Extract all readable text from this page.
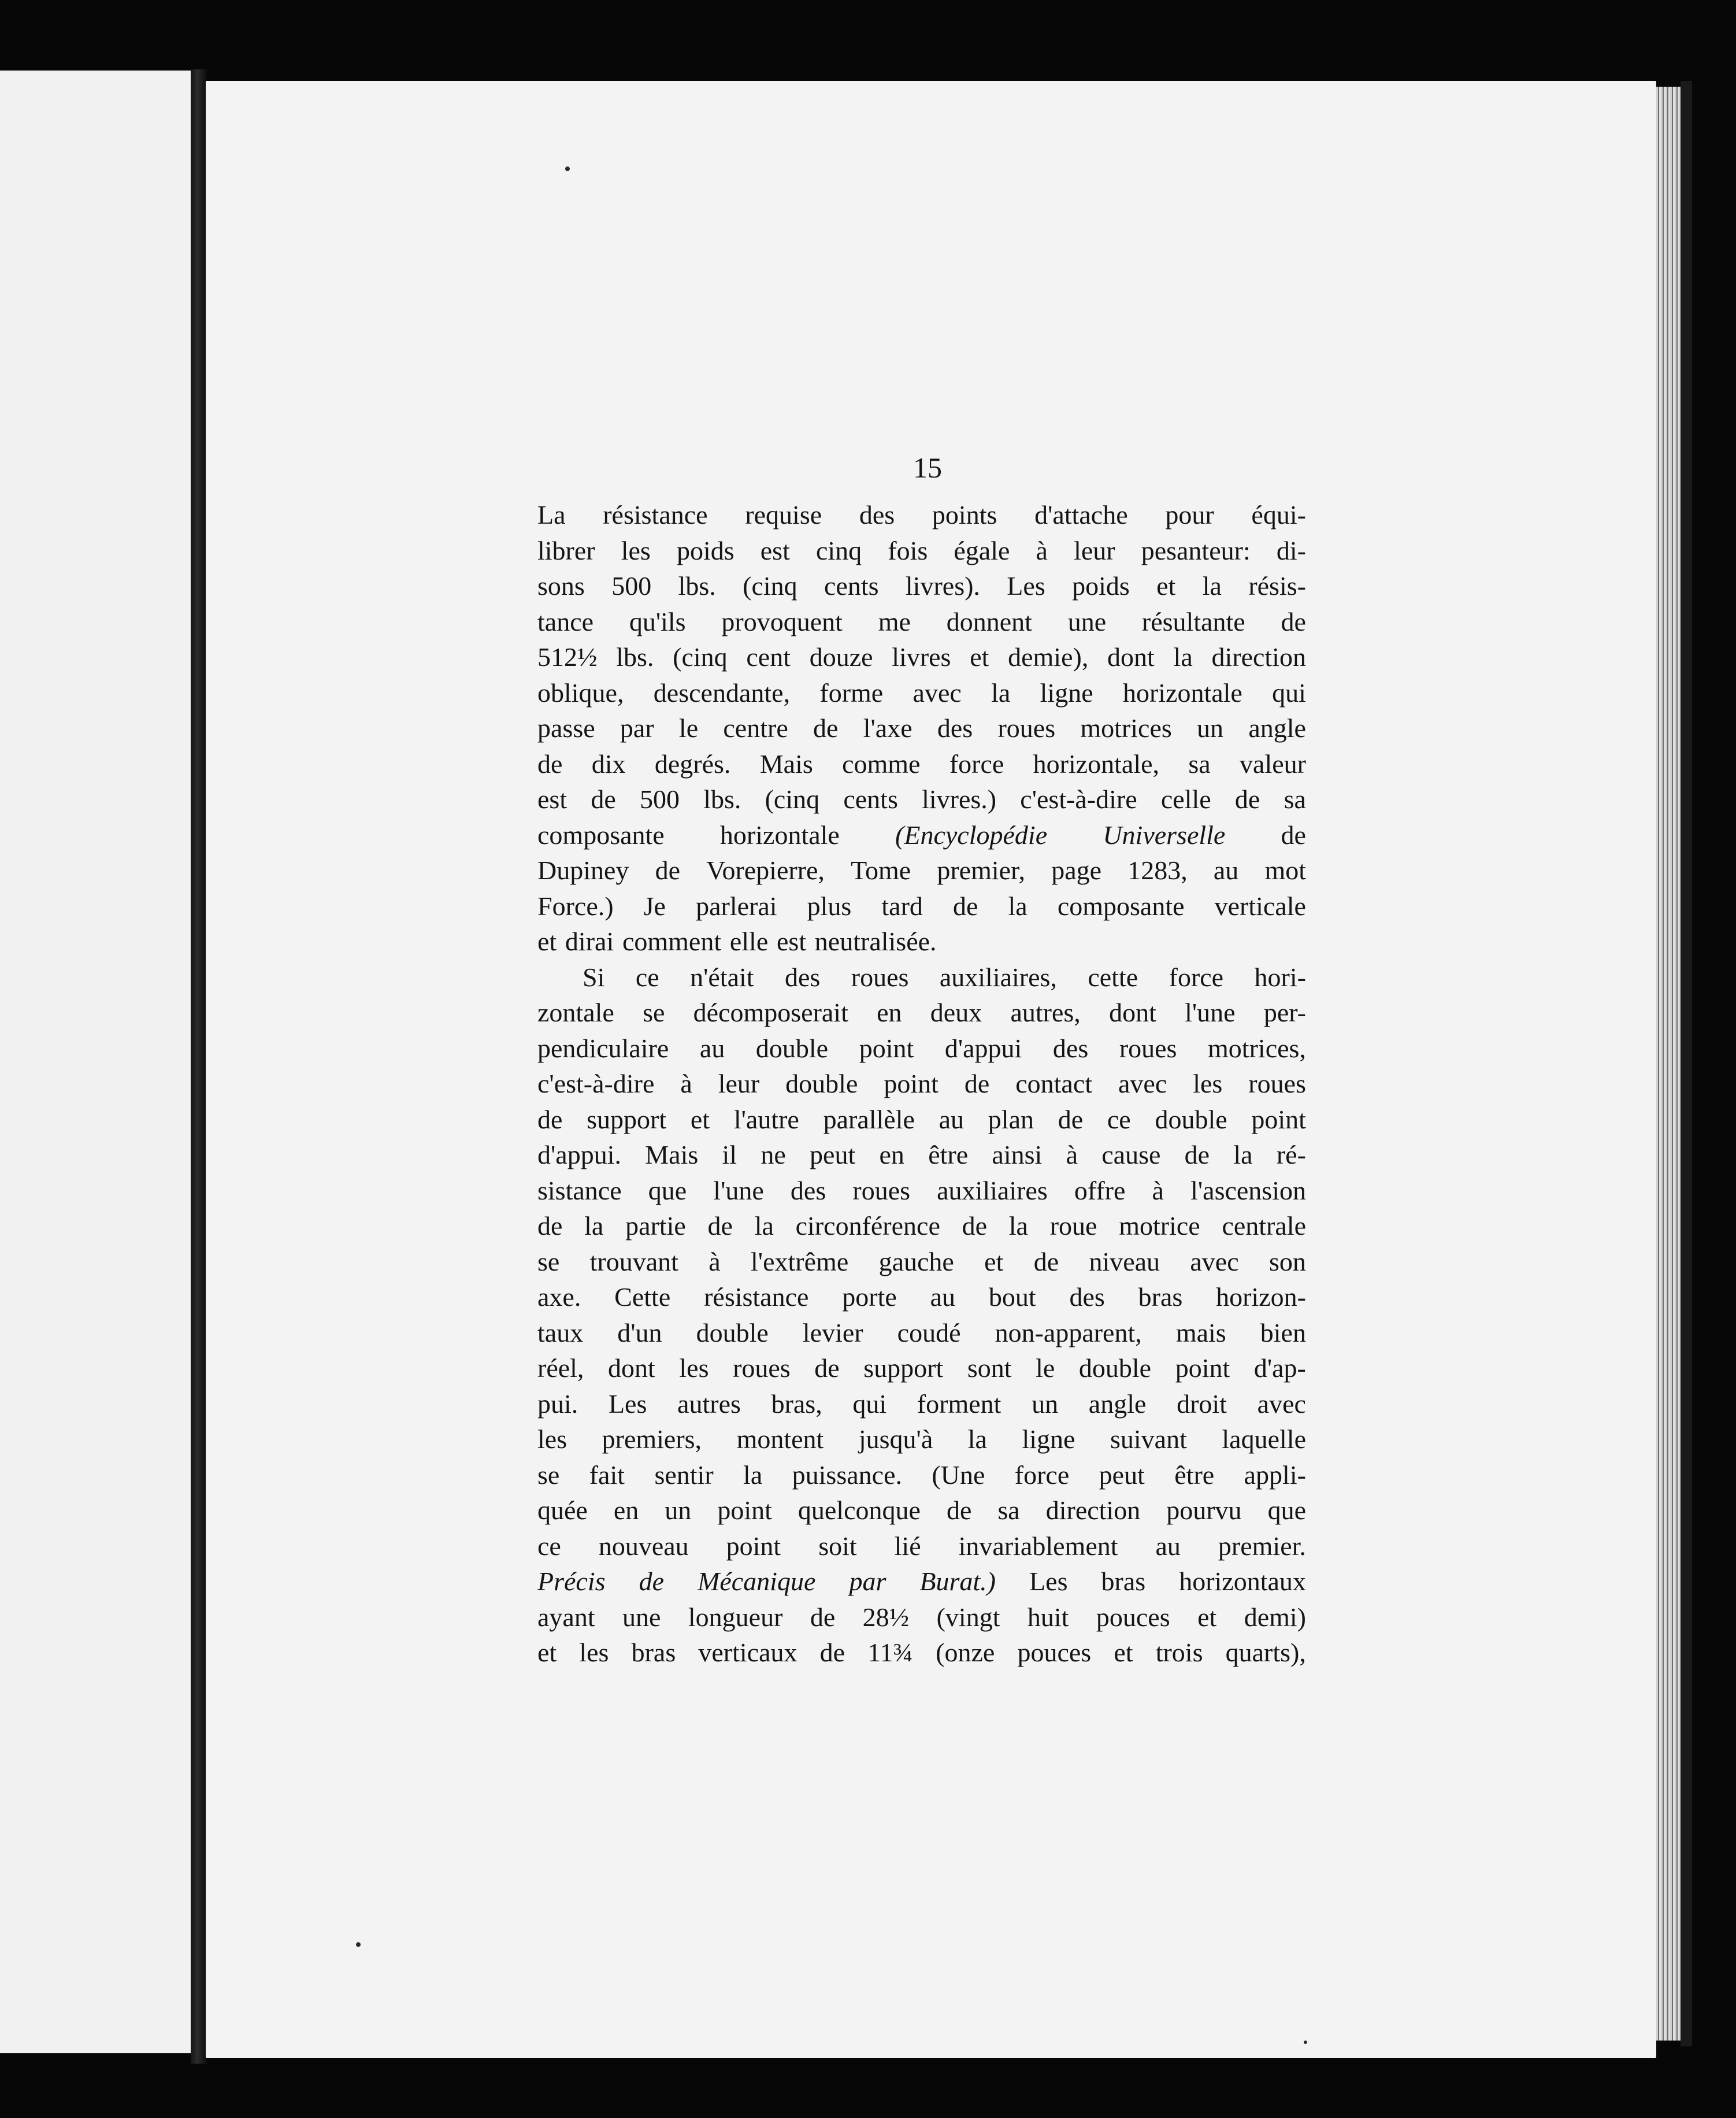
15

La résistance requise des points d'attache pour équi-
librer les poids est cinq fois égale à leur pesanteur: di-
sons 500 lbs. (cinq cents livres). Les poids et la résis-
tance qu'ils provoquent me donnent une résultante de
512½ lbs. (cinq cent douze livres et demie), dont la direction
oblique, descendante, forme avec la ligne horizontale qui
passe par le centre de l'axe des roues motrices un angle
de dix degrés. Mais comme force horizontale, sa valeur
est de 500 lbs. (cinq cents livres.) c'est-à-dire celle de sa
composante horizontale (Encyclopédie Universelle de
Dupiney de Vorepierre, Tome premier, page 1283, au mot
Force.) Je parlerai plus tard de la composante verticale
et dirai comment elle est neutralisée.
Si ce n'était des roues auxiliaires, cette force hori-
zontale se décomposerait en deux autres, dont l'une per-
pendiculaire au double point d'appui des roues motrices,
c'est-à-dire à leur double point de contact avec les roues
de support et l'autre parallèle au plan de ce double point
d'appui. Mais il ne peut en être ainsi à cause de la ré-
sistance que l'une des roues auxiliaires offre à l'ascension
de la partie de la circonférence de la roue motrice centrale
se trouvant à l'extrême gauche et de niveau avec son
axe. Cette résistance porte au bout des bras horizon-
taux d'un double levier coudé non-apparent, mais bien
réel, dont les roues de support sont le double point d'ap-
pui. Les autres bras, qui forment un angle droit avec
les premiers, montent jusqu'à la ligne suivant laquelle
se fait sentir la puissance. (Une force peut être appli-
quée en un point quelconque de sa direction pourvu que
ce nouveau point soit lié invariablement au premier.
Précis de Mécanique par Burat.) Les bras horizontaux
ayant une longueur de 28½ (vingt huit pouces et demi)
et les bras verticaux de 11¾ (onze pouces et trois quarts),
